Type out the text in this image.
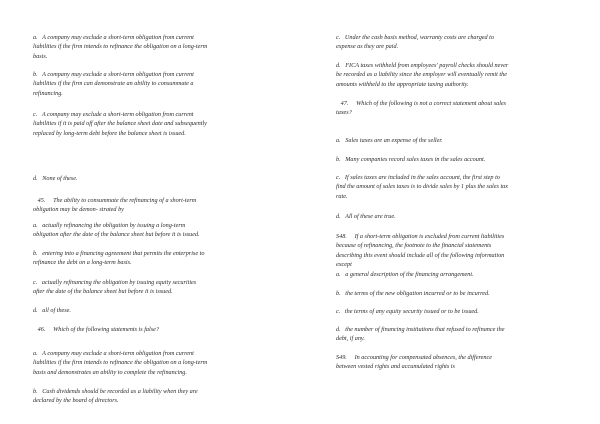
a.   A company may exclude a short-term obligation from current
liabilities if the firm intends to refinance the obligation on a long-term
basis.
b.   A company may exclude a short-term obligation from current
liabilities if the firm can demonstrate an ability to consummate a
refinancing.
c.   A company may exclude a short-term obligation from current
liabilities if it is paid off after the balance sheet date and subsequently
replaced by long-term debt before the balance sheet is issued.
d.   None of these.
45.     The ability to consummate the refinancing of a short-term
obligation may be demon- strated by
a.   actually refinancing the obligation by issuing a long-term
obligation after the date of the balance sheet but before it is issued.
b.   entering into a financing agreement that permits the enterprise to
refinance the debt on a long-term basis.
c.   actually refinancing the obligation by issuing equity securities
after the date of the balance sheet but before it is issued.
d.   all of these.
46.     Which of the following statements is false?
a.   A company may exclude a short-term obligation from current
liabilities if the firm intends to refinance the obligation on a long-term
basis and demonstrates an ability to complete the refinancing.
b.   Cash dividends should be recorded as a liability when they are
declared by the board of directors.
c.   Under the cash basis method, warranty costs are charged to
expense as they are paid.
d.   FICA taxes withheld from employees' payroll checks should never
be recorded as a liability since the employer will eventually remit the
amounts withheld to the appropriate taxing authority.
47.     Which of the following is not a correct statement about sales
taxes?
a.   Sales taxes are an expense of the seller.
b.   Many companies record sales taxes in the sales account.
c.   If sales taxes are included in the sales account, the first step to
find the amount of sales taxes is to divide sales by 1 plus the sales tax
rate.
d.   All of these are true.
S48.     If a short-term obligation is excluded from current liabilities
because of refinancing, the footnote to the financial statements
describing this event should include all of the following information
except
a.   a general description of the financing arrangement.
b.   the terms of the new obligation incurred or to be incurred.
c.   the terms of any equity security issued or to be issued.
d.   the number of financing institutions that refused to refinance the
debt, if any.
S49.     In accounting for compensated absences, the difference
between vested rights and accumulated rights is
